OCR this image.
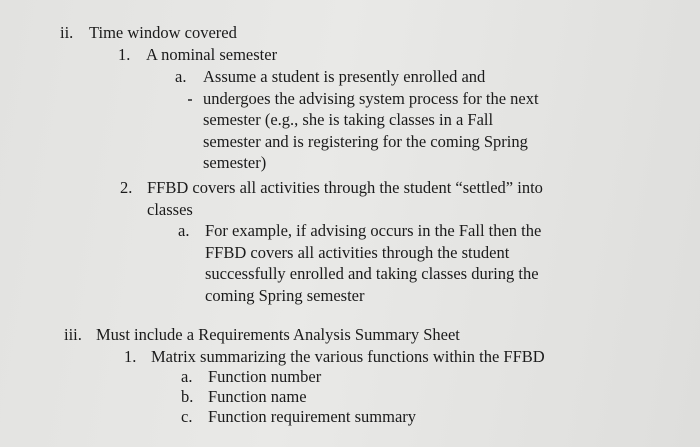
ii. Time window covered
1. A nominal semester
a. Assume a student is presently enrolled and
undergoes the advising system process for the next
semester (e.g., she is taking classes in a Fall
semester and is registering for the coming Spring
semester)
2. FFBD covers all activities through the student “settled” into
classes
a. For example, if advising occurs in the Fall then the
FFBD covers all activities through the student
successfully enrolled and taking classes during the
coming Spring semester
iii. Must include a Requirements Analysis Summary Sheet
1. Matrix summarizing the various functions within the FFBD
a. Function number
b. Function name
c. Function requirement summary
